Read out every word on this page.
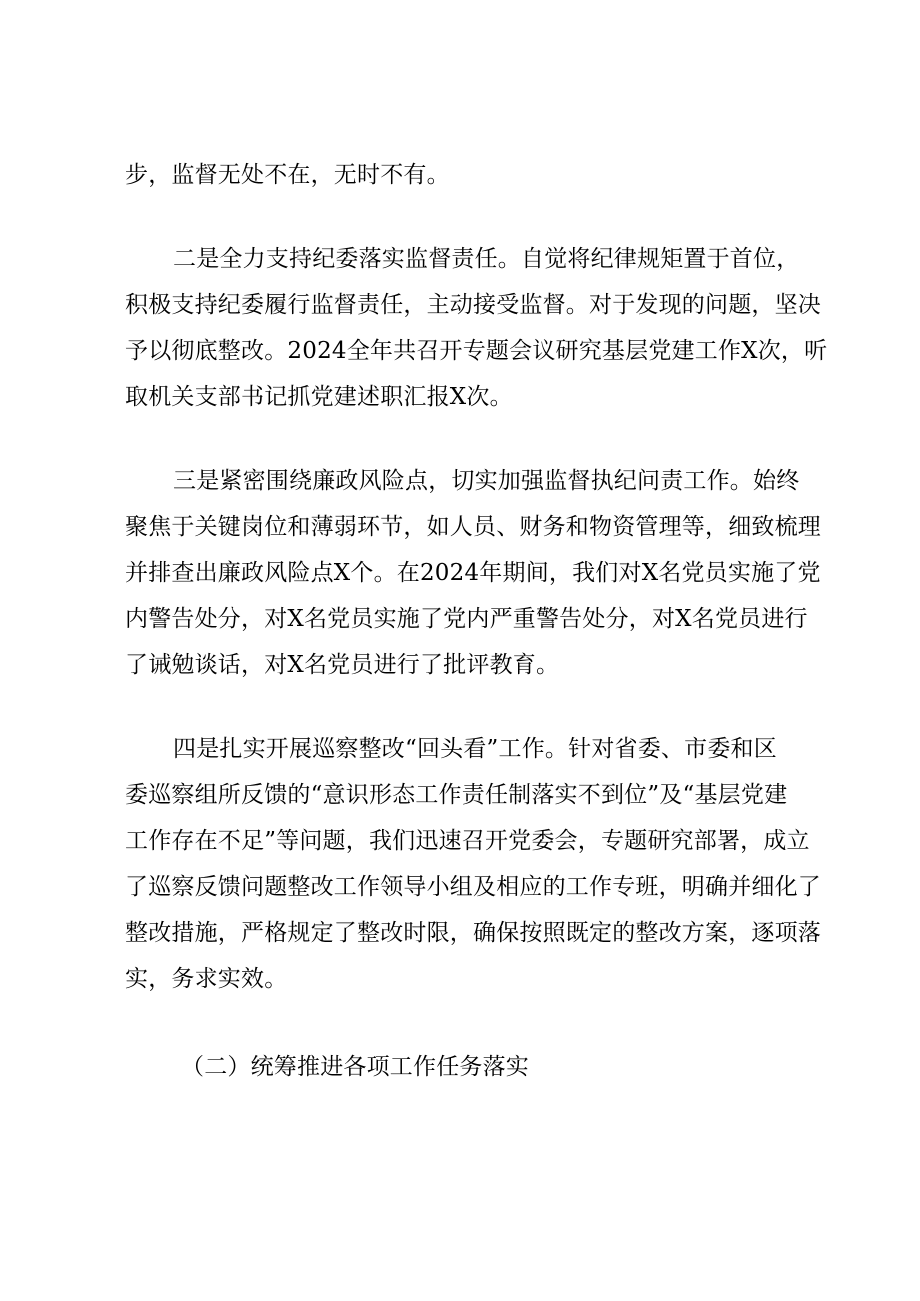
步，监督无处不在，无时不有。
二是全力支持纪委落实监督责任。自觉将纪律规矩置于首位，
积极支持纪委履行监督责任，主动接受监督。对于发现的问题，坚决
予以彻底整改。2024全年共召开专题会议研究基层党建工作X次，听
取机关支部书记抓党建述职汇报X次。
三是紧密围绕廉政风险点，切实加强监督执纪问责工作。始终
聚焦于关键岗位和薄弱环节，如人员、财务和物资管理等，细致梳理
并排查出廉政风险点X个。在2024年期间，我们对X名党员实施了党
内警告处分，对X名党员实施了党内严重警告处分，对X名党员进行
了诫勉谈话，对X名党员进行了批评教育。
四是扎实开展巡察整改“回头看”工作。针对省委、市委和区
委巡察组所反馈的“意识形态工作责任制落实不到位”及“基层党建
工作存在不足”等问题，我们迅速召开党委会，专题研究部署，成立
了巡察反馈问题整改工作领导小组及相应的工作专班，明确并细化了
整改措施，严格规定了整改时限，确保按照既定的整改方案，逐项落
实，务求实效。
（二）统筹推进各项工作任务落实
